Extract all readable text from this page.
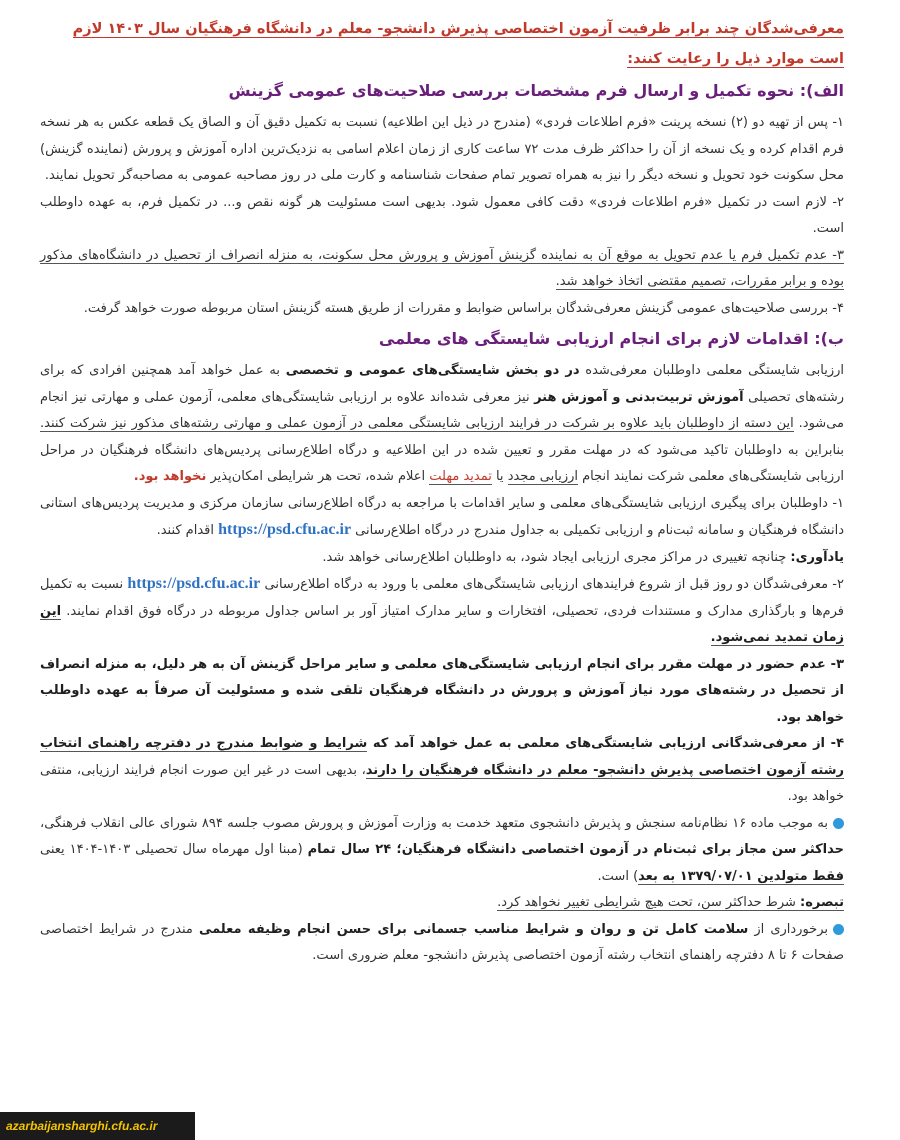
معرفی‌شدگان چند برابر ظرفیت آزمون اختصاصی پذیرش دانشجو- معلم در دانشگاه فرهنگیان سال ۱۴۰۳ لازم
است موارد ذیل را رعایت کنند:
الف): نحوه تکمیل و ارسال فرم مشخصات بررسی صلاحیت‌های عمومی گزینش

۱- پس از تهیه دو (۲) نسخه پرینت «فرم اطلاعات فردی» (مندرج در ذیل این اطلاعیه) نسبت به تکمیل دقیق آن و الصاق یک قطعه عکس به هر نسخه فرم اقدام کرده و یک نسخه از آن را حداکثر ظرف مدت ۷۲ ساعت کاری از زمان اعلام اسامی به نزدیک‌ترین اداره آموزش و پرورش (نماینده گزینش) محل سکونت خود تحویل و نسخه دیگر را نیز به همراه تصویر تمام صفحات شناسنامه و کارت ملی در روز مصاحبه عمومی به مصاحبه‌گر تحویل نمایند.

۲- لازم است در تکمیل «فرم اطلاعات فردی» دقت کافی معمول شود. بدیهی است مسئولیت هر گونه نقص و... در تکمیل فرم، به عهده داوطلب است.

۳- عدم تکمیل فرم یا عدم تحویل به موقع آن به نماینده گزینش آموزش و پرورش محل سکونت، به منزله انصراف از تحصیل در دانشگاه‌های مذکور بوده و برابر مقررات، تصمیم مقتضی اتخاذ خواهد شد.

۴- بررسی صلاحیت‌های عمومی گزینش معرفی‌شدگان براساس ضوابط و مقررات از طریق هسته گزینش استان مربوطه صورت خواهد گرفت.

ب): اقدامات لازم برای انجام ارزیابی شایستگی های معلمی

ارزیابی شایستگی معلمی داوطلبان معرفی‌شده در دو بخش شایستگی‌های عمومی و تخصصی به عمل خواهد آمد همچنین افرادی که برای رشته‌های تحصیلی آموزش تربیت‌بدنی و آموزش هنر نیز معرفی شده‌اند علاوه بر ارزیابی شایستگی‌های معلمی، آزمون عملی و مهارتی نیز انجام می‌شود. این دسته از داوطلبان باید علاوه بر شرکت در فرایند ارزیابی شایستگی معلمی در آزمون عملی و مهارتی رشته‌های مذکور نیز شرکت کنند. بنابراین به داوطلبان تاکید می‌شود که در مهلت مقرر و تعیین شده در این اطلاعیه و درگاه اطلاع‌رسانی پردیس‌های دانشگاه فرهنگیان در مراحل ارزیابی شایستگی‌های معلمی شرکت نمایند انجام ارزیابی مجدد یا تمدید مهلت اعلام شده، تحت هر شرایطی امکان‌پذیر نخواهد بود.

۱- داوطلبان برای پیگیری ارزیابی شایستگی‌های معلمی و سایر اقدامات با مراجعه به درگاه اطلاع‌رسانی سازمان مرکزی و مدیریت پردیس‌های استانی دانشگاه فرهنگیان و سامانه ثبت‌نام و ارزیابی تکمیلی به جداول مندرج در درگاه اطلاع‌رسانی https://psd.cfu.ac.ir اقدام کنند.

یادآوری: چنانچه تغییری در مراکز مجری ارزیابی ایجاد شود، به داوطلبان اطلاع‌رسانی خواهد شد.

۲- معرفی‌شدگان دو روز قبل از شروع فرایندهای ارزیابی شایستگی‌های معلمی با ورود به درگاه اطلاع‌رسانی https://psd.cfu.ac.ir نسبت به تکمیل فرم‌ها و بارگذاری مدارک و مستندات فردی، تحصیلی، افتخارات و سایر مدارک امتیاز آور بر اساس جداول مربوطه در درگاه فوق اقدام نمایند. این زمان تمدید نمی‌شود.

۳- عدم حضور در مهلت مقرر برای انجام ارزیابی شایستگی‌های معلمی و سایر مراحل گزینش آن به هر دلیل، به منزله انصراف از تحصیل در رشته‌های مورد نیاز آموزش و پرورش در دانشگاه فرهنگیان تلقی شده و مسئولیت آن صرفاً به عهده داوطلب خواهد بود.

۴- از معرفی‌شدگانی ارزیابی شایستگی‌های معلمی به عمل خواهد آمد که شرایط و ضوابط مندرج در دفترچه راهنمای انتخاب رشته آزمون اختصاصی پذیرش دانشجو- معلم در دانشگاه فرهنگیان را دارند، بدیهی است در غیر این صورت انجام فرایند ارزیابی، منتفی خواهد بود.

به موجب ماده ۱۶ نظام‌نامه سنجش و پذیرش دانشجوی متعهد خدمت به وزارت آموزش و پرورش مصوب جلسه ۸۹۴ شورای عالی انقلاب فرهنگی، حداکثر سن مجاز برای ثبت‌نام در آزمون اختصاصی دانشگاه فرهنگیان؛ ۲۴ سال تمام (مبنا اول مهرماه سال تحصیلی ۱۴۰۳-۱۴۰۴ یعنی فقط متولدین ۱۳۷۹/۰۷/۰۱ به بعد) است.

تبصره: شرط حداکثر سن، تحت هیچ شرایطی تغییر نخواهد کرد.

برخورداری از سلامت کامل تن و روان و شرایط مناسب جسمانی برای حسن انجام وظیفه معلمی مندرج در شرایط اختصاصی صفحات ۶ تا ۸ دفترچه راهنمای انتخاب رشته آزمون اختصاصی پذیرش دانشجو- معلم ضروری است.

azarbaijansharghi.cfu.ac.ir
